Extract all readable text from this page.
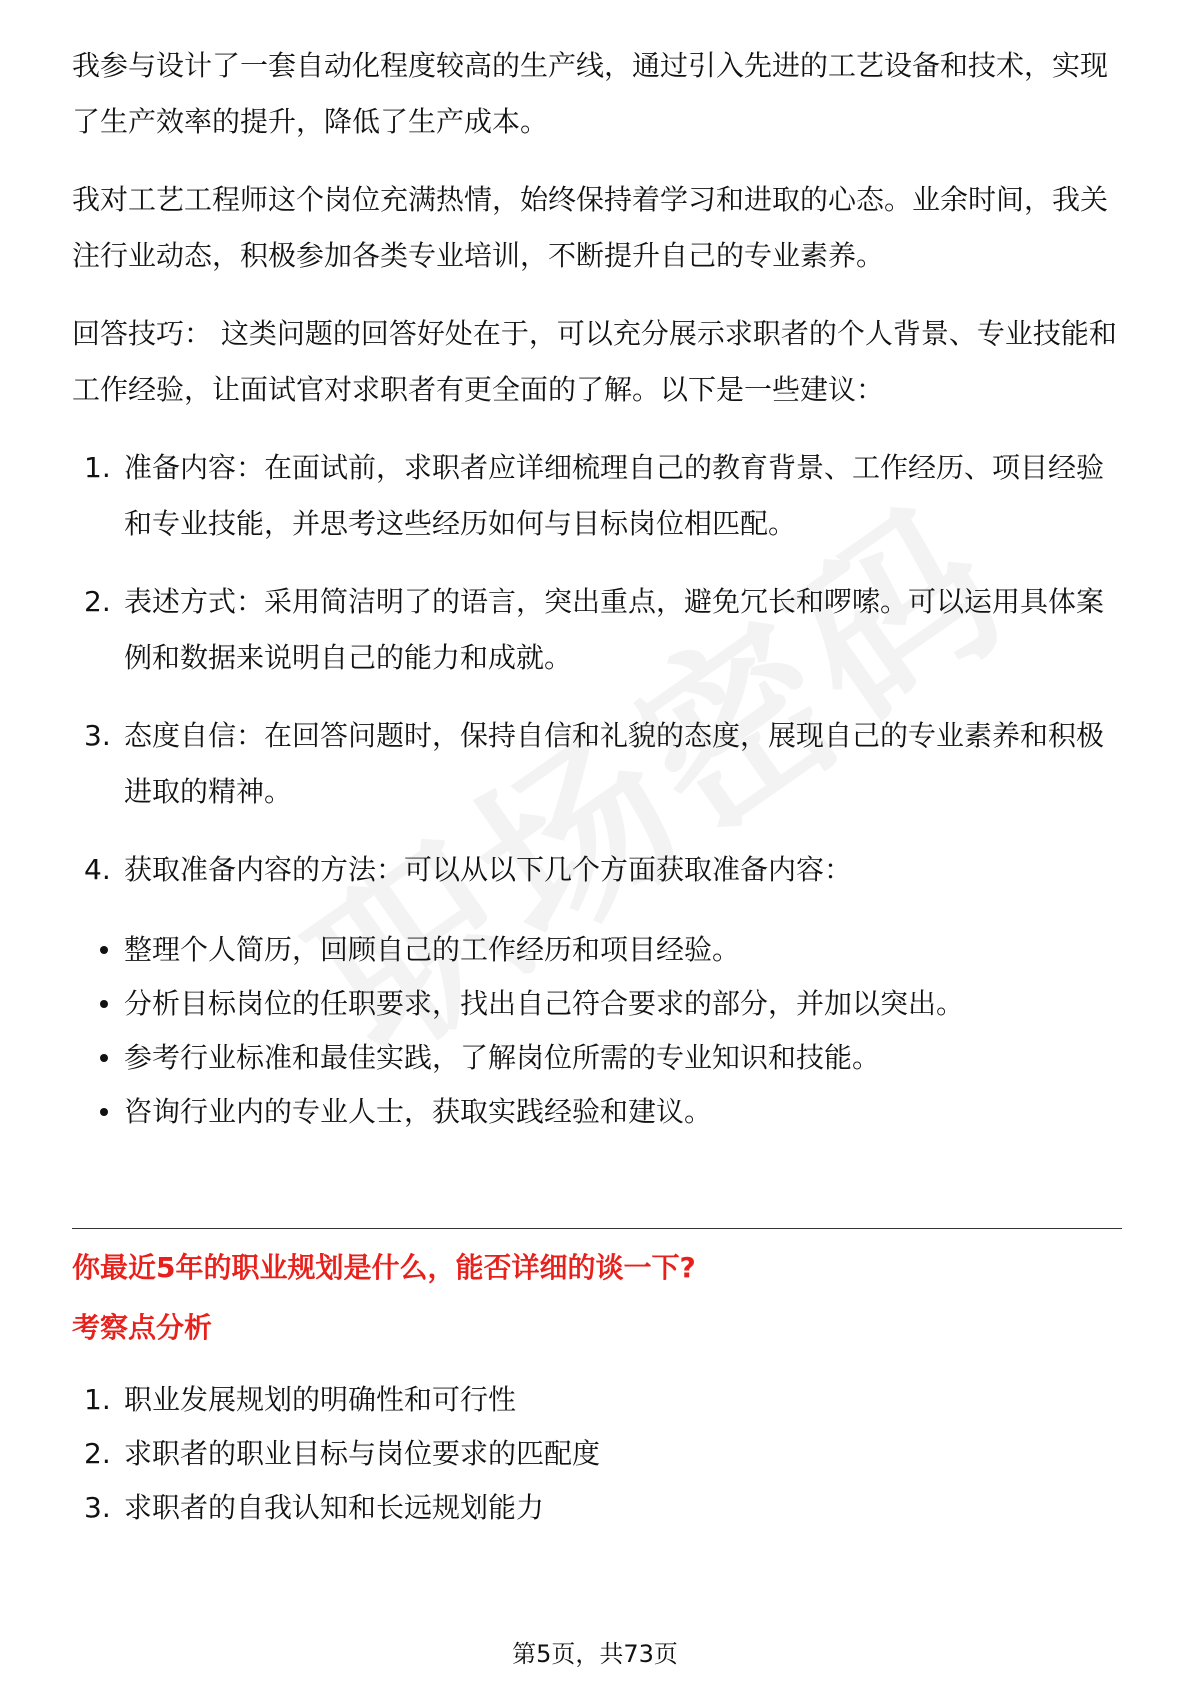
我参与设计了一套自动化程度较高的生产线，通过引入先进的工艺设备和技术，实现了生产效率的提升，降低了生产成本。

我对工艺工程师这个岗位充满热情，始终保持着学习和进取的心态。业余时间，我关注行业动态，积极参加各类专业培训，不断提升自己的专业素养。

回答技巧： 这类问题的回答好处在于，可以充分展示求职者的个人背景、专业技能和工作经验，让面试官对求职者有更全面的了解。以下是一些建议：

1. 准备内容：在面试前，求职者应详细梳理自己的教育背景、工作经历、项目经验和专业技能，并思考这些经历如何与目标岗位相匹配。
2. 表述方式：采用简洁明了的语言，突出重点，避免冗长和啰嗦。可以运用具体案例和数据来说明自己的能力和成就。
3. 态度自信：在回答问题时，保持自信和礼貌的态度，展现自己的专业素养和积极进取的精神。
4. 获取准备内容的方法：可以从以下几个方面获取准备内容：
整理个人简历，回顾自己的工作经历和项目经验。
分析目标岗位的任职要求，找出自己符合要求的部分，并加以突出。
参考行业标准和最佳实践，了解岗位所需的专业知识和技能。
咨询行业内的专业人士，获取实践经验和建议。
你最近5年的职业规划是什么，能否详细的谈一下?
考察点分析
1. 职业发展规划的明确性和可行性
2. 求职者的职业目标与岗位要求的匹配度
3. 求职者的自我认知和长远规划能力
第5页，共73页
